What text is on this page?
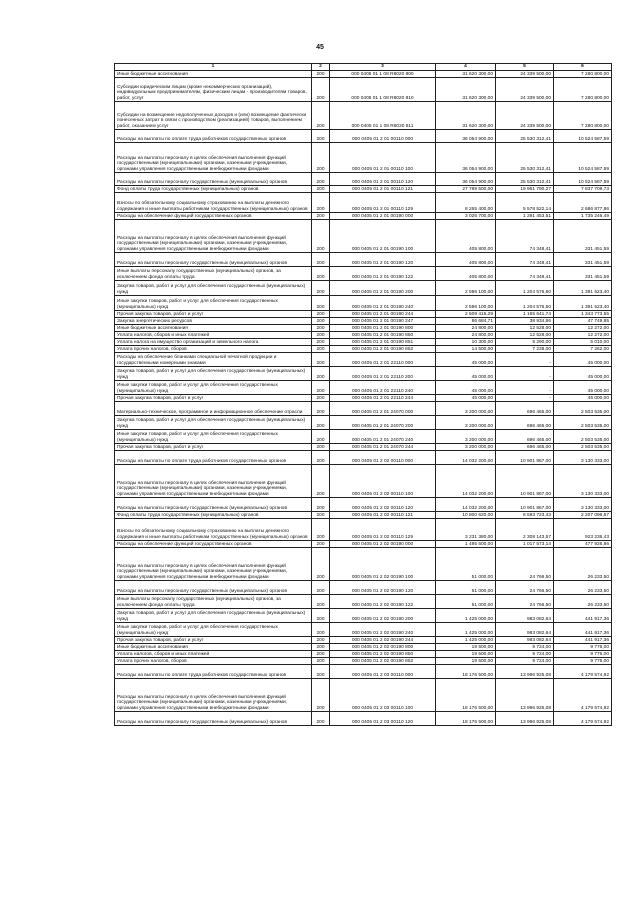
45
1	2	3	4	5	6
Иные бюджетные ассигнования	200	000 0405 01 1 08 R8020 800	31 620 300,00	24 339 500,00	7 280 800,00
Субсидии юридическим лицам (кроме некоммерческих организаций), индивидуальным предпринимателям, физическим лицам - производителям товаров, работ, услуг	200	000 0405 01 1 08 R8020 810	31 620 300,00	24 339 500,00	7 280 800,00
Субсидии на возмещение недополученных доходов и (или) возмещение фактически понесенных затрат в связи с производством (реализацией) товаров, выполнением работ, оказанием услуг	200	000 0405 01 1 08 R8020 811	31 620 300,00	24 339 500,00	7 280 800,00
Расходы на выплаты по оплате труда работников государственных органов	200	000 0405 01 2 01 00110 000	36 054 900,00	25 530 312,41	10 524 587,59
Расходы на выплаты персоналу в целях обеспечения выполнения функций государственными (муниципальными) органами, казенными учреждениями, органами управления государственными внебюджетными фондами	200	000 0405 01 2 01 00110 100	36 054 900,00	25 530 312,41	10 524 587,59
Расходы на выплаты персоналу государственных (муниципальных) органов	200	000 0405 01 2 01 00110 120	36 054 900,00	25 530 312,41	10 524 587,59
Фонд оплаты труда государственных (муниципальных) органов	200	000 0405 01 2 01 00110 121	27 789 500,00	19 951 790,27	7 837 709,73
Взносы по обязательному социальному страхованию на выплаты денежного содержания и иные выплаты работникам государственных (муниципальных) органов	200	000 0405 01 2 01 00110 129	8 265 400,00	5 578 522,14	2 686 877,86
Расходы на обеспечение функций государственных органов	200	000 0405 01 2 01 00190 000	3 026 700,00	1 291 453,51	1 735 246,49
Расходы на выплаты персоналу в целях обеспечения выполнения функций государственными (муниципальными) органами, казенными учреждениями, органами управления государственными внебюджетными фондами	200	000 0405 01 2 01 00190 100	405 800,00	74 348,41	331 451,59
Расходы на выплаты персоналу государственных (муниципальных) органов	200	000 0405 01 2 01 00190 120	405 800,00	74 348,41	331 451,59
Иные выплаты персоналу государственных (муниципальных) органов, за исключением фонда оплаты труда	200	000 0405 01 2 01 00190 122	405 800,00	74 348,41	331 451,59
Закупка товаров, работ и услуг для обеспечения государственных (муниципальных) нужд	200	000 0405 01 2 01 00190 200	2 596 100,00	1 204 576,60	1 391 523,40
Иные закупки товаров, работ и услуг для обеспечения государственных (муниципальных) нужд	200	000 0405 01 2 01 00190 240	2 596 100,00	1 204 576,60	1 391 523,40
Прочая закупка товаров, работ и услуг	200	000 0405 01 2 01 00190 244	2 509 415,29	1 165 641,74	1 343 773,55
Закупка энергетических ресурсов	200	000 0405 01 2 01 00190 247	86 684,71	38 934,86	47 749,85
Иные бюджетные ассигнования	200	000 0405 01 2 01 00190 800	24 800,00	12 528,00	12 272,00
Уплата налогов, сборов и иных платежей	200	000 0405 01 2 01 00190 850	24 800,00	12 528,00	12 272,00
Уплата налога на имущество организаций и земельного налога	200	000 0405 01 2 01 00190 851	10 300,00	5 290,00	5 010,00
Уплата прочих налогов, сборов	200	000 0405 01 2 01 00190 852	14 500,00	7 238,00	7 262,00
Расходы на обеспечение бланками специальной печатной продукции и государственными номерными знаками	200	000 0405 01 2 01 22110 000	45 000,00	-	45 000,00
Закупка товаров, работ и услуг для обеспечения государственных (муниципальных) нужд	200	000 0405 01 2 01 22110 200	45 000,00	-	45 000,00
Иные закупки товаров, работ и услуг для обеспечения государственных (муниципальных) нужд	200	000 0405 01 2 01 22110 240	45 000,00	-	45 000,00
Прочая закупка товаров, работ и услуг	200	000 0405 01 2 01 22110 244	45 000,00	-	45 000,00
Материально-техническое, программное и информационное обеспечение отрасли	200	000 0405 01 2 01 24070 000	3 200 000,00	696 465,00	2 503 535,00
Закупка товаров, работ и услуг для обеспечения государственных (муниципальных) нужд	200	000 0405 01 2 01 24070 200	3 200 000,00	696 465,00	2 503 535,00
Иные закупки товаров, работ и услуг для обеспечения государственных (муниципальных) нужд	200	000 0405 01 2 01 24070 240	3 200 000,00	696 465,00	2 503 535,00
Прочая закупка товаров, работ и услуг	200	000 0405 01 2 01 24070 244	3 200 000,00	696 465,00	2 503 535,00
Расходы на выплаты по оплате труда работников государственных органов	200	000 0405 01 2 02 00110 000	14 032 200,00	10 901 867,00	3 130 333,00
Расходы на выплаты персоналу в целях обеспечения выполнения функций государственными (муниципальными) органами, казенными учреждениями, органами управления государственными внебюджетными фондами	200	000 0405 01 2 02 00110 100	14 032 200,00	10 901 867,00	3 130 333,00
Расходы на выплаты персоналу государственных (муниципальных) органов	200	000 0405 01 2 02 00110 120	14 032 200,00	10 901 867,00	3 130 333,00
Фонд оплаты труда государственных (муниципальных) органов	200	000 0405 01 2 02 00110 121	10 800 620,00	8 593 723,43	2 207 096,57
Взносы по обязательному социальному страхованию на выплаты денежного содержания и иные выплаты работникам государственных (муниципальных) органов	200	000 0405 01 2 02 00110 129	3 231 380,00	2 308 143,57	923 236,43
Расходы на обеспечение функций государственных органов	200	000 0405 01 2 02 00190 000	1 495 500,00	1 017 573,14	477 926,86
Расходы на выплаты персоналу в целях обеспечения выполнения функций государственными (муниципальными) органами, казенными учреждениями, органами управления государственными внебюджетными фондами	200	000 0405 01 2 02 00190 100	51 000,00	24 766,50	26 233,50
Расходы на выплаты персоналу государственных (муниципальных) органов	200	000 0405 01 2 02 00190 120	51 000,00	24 766,50	26 233,50
Иные выплаты персоналу государственных (муниципальных) органов, за исключением фонда оплаты труда	200	000 0405 01 2 02 00190 122	51 000,00	24 766,50	26 233,50
Закупка товаров, работ и услуг для обеспечения государственных (муниципальных) нужд	200	000 0405 01 2 02 00190 200	1 425 000,00	983 082,64	441 917,36
Иные закупки товаров, работ и услуг для обеспечения государственных (муниципальных) нужд	200	000 0405 01 2 02 00190 240	1 425 000,00	983 082,64	441 917,36
Прочая закупка товаров, работ и услуг	200	000 0405 01 2 02 00190 244	1 425 000,00	983 082,64	441 917,36
Иные бюджетные ассигнования	200	000 0405 01 2 02 00190 800	19 500,00	9 724,00	9 776,00
Уплата налогов, сборов и иных платежей	200	000 0405 01 2 02 00190 850	19 500,00	9 724,00	9 776,00
Уплата прочих налогов, сборов	200	000 0405 01 2 02 00190 852	19 500,00	9 724,00	9 776,00
Расходы на выплаты по оплате труда работников государственных органов	200	000 0405 01 2 03 00110 000	18 176 500,00	13 996 925,08	4 179 574,92
Расходы на выплаты персоналу в целях обеспечения выполнения функций государственными (муниципальными) органами, казенными учреждениями, органами управления государственными внебюджетными фондами	200	000 0405 01 2 03 00110 100	18 176 500,00	13 996 925,08	4 179 574,92
Расходы на выплаты персоналу государственных (муниципальных) органов	200	000 0405 01 2 03 00110 120	18 176 500,00	13 996 925,08	4 179 574,92
